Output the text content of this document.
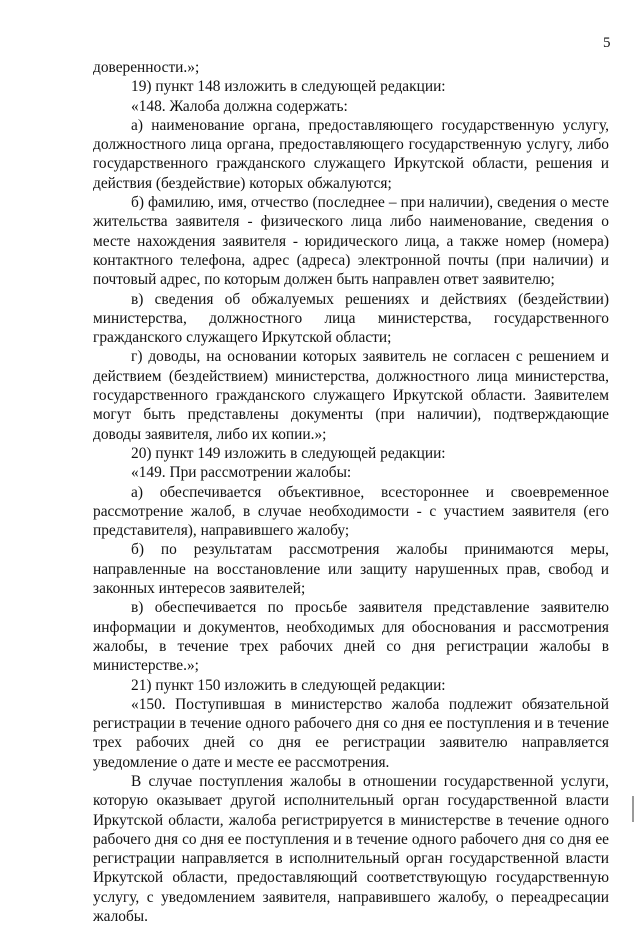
5

доверенности.»;

19) пункт 148 изложить в следующей редакции:

«148. Жалоба должна содержать:

а) наименование органа, предоставляющего государственную услугу, должностного лица органа, предоставляющего государственную услугу, либо государственного гражданского служащего Иркутской области, решения и действия (бездействие) которых обжалуются;

б) фамилию, имя, отчество (последнее – при наличии), сведения о месте жительства заявителя - физического лица либо наименование, сведения о месте нахождения заявителя - юридического лица, а также номер (номера) контактного телефона, адрес (адреса) электронной почты (при наличии) и почтовый адрес, по которым должен быть направлен ответ заявителю;

в) сведения об обжалуемых решениях и действиях (бездействии) министерства, должностного лица министерства, государственного гражданского служащего Иркутской области;

г) доводы, на основании которых заявитель не согласен с решением и действием (бездействием) министерства, должностного лица министерства, государственного гражданского служащего Иркутской области. Заявителем могут быть представлены документы (при наличии), подтверждающие доводы заявителя, либо их копии.»;

20) пункт 149 изложить в следующей редакции:

«149. При рассмотрении жалобы:

а) обеспечивается объективное, всестороннее и своевременное рассмотрение жалоб, в случае необходимости - с участием заявителя (его представителя), направившего жалобу;

б) по результатам рассмотрения жалобы принимаются меры, направленные на восстановление или защиту нарушенных прав, свобод и законных интересов заявителей;

в) обеспечивается по просьбе заявителя представление заявителю информации и документов, необходимых для обоснования и рассмотрения жалобы, в течение трех рабочих дней со дня регистрации жалобы в министерстве.»;

21) пункт 150 изложить в следующей редакции:

«150. Поступившая в министерство жалоба подлежит обязательной регистрации в течение одного рабочего дня со дня ее поступления и в течение трех рабочих дней со дня ее регистрации заявителю направляется уведомление о дате и месте ее рассмотрения.

В случае поступления жалобы в отношении государственной услуги, которую оказывает другой исполнительный орган государственной власти Иркутской области, жалоба регистрируется в министерстве в течение одного рабочего дня со дня ее поступления и в течение одного рабочего дня со дня ее регистрации направляется в исполнительный орган государственной власти Иркутской области, предоставляющий соответствующую государственную услугу, с уведомлением заявителя, направившего жалобу, о переадресации жалобы.
